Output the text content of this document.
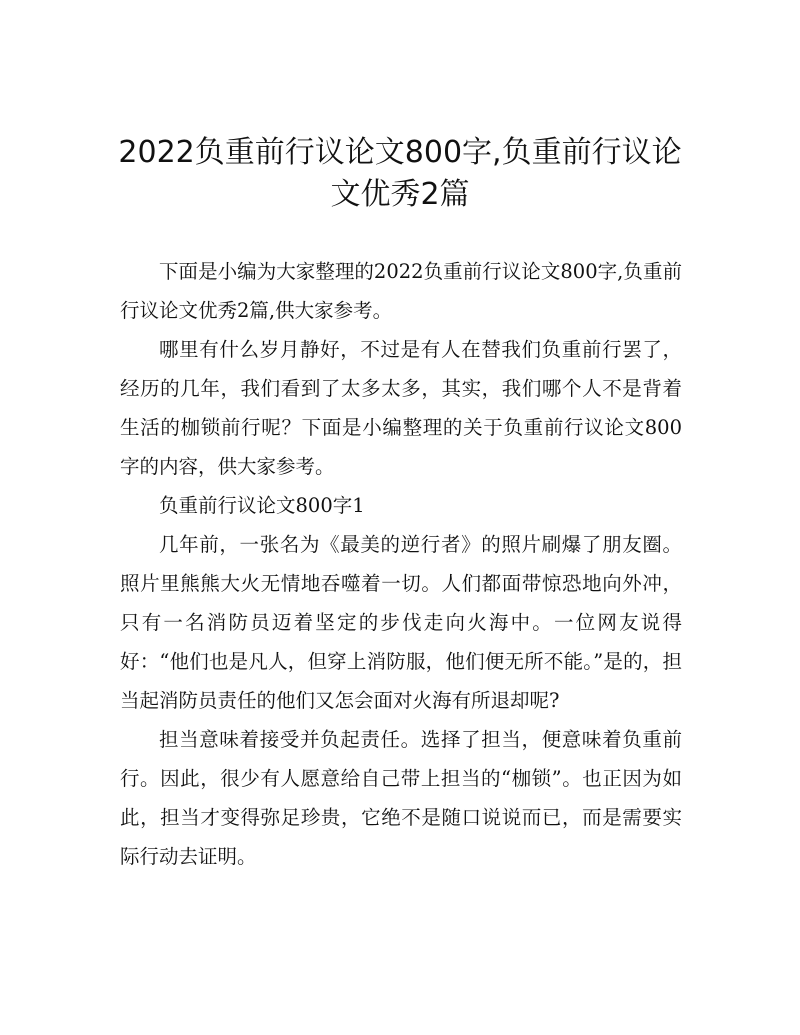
2022负重前行议论文800字,负重前行议论
文优秀2篇

下面是小编为大家整理的2022负重前行议论文800字,负重前行议论文优秀2篇,供大家参考。

哪里有什么岁月静好，不过是有人在替我们负重前行罢了，经历的几年，我们看到了太多太多，其实，我们哪个人不是背着生活的枷锁前行呢？下面是小编整理的关于负重前行议论文800字的内容，供大家参考。

负重前行议论文800字1

几年前，一张名为《最美的逆行者》的照片刷爆了朋友圈。照片里熊熊大火无情地吞噬着一切。人们都面带惊恐地向外冲，只有一名消防员迈着坚定的步伐走向火海中。一位网友说得好：“他们也是凡人，但穿上消防服，他们便无所不能。”是的，担当起消防员责任的他们又怎会面对火海有所退却呢?

担当意味着接受并负起责任。选择了担当，便意味着负重前行。因此，很少有人愿意给自己带上担当的“枷锁”。也正因为如此，担当才变得弥足珍贵，它绝不是随口说说而已，而是需要实际行动去证明。
